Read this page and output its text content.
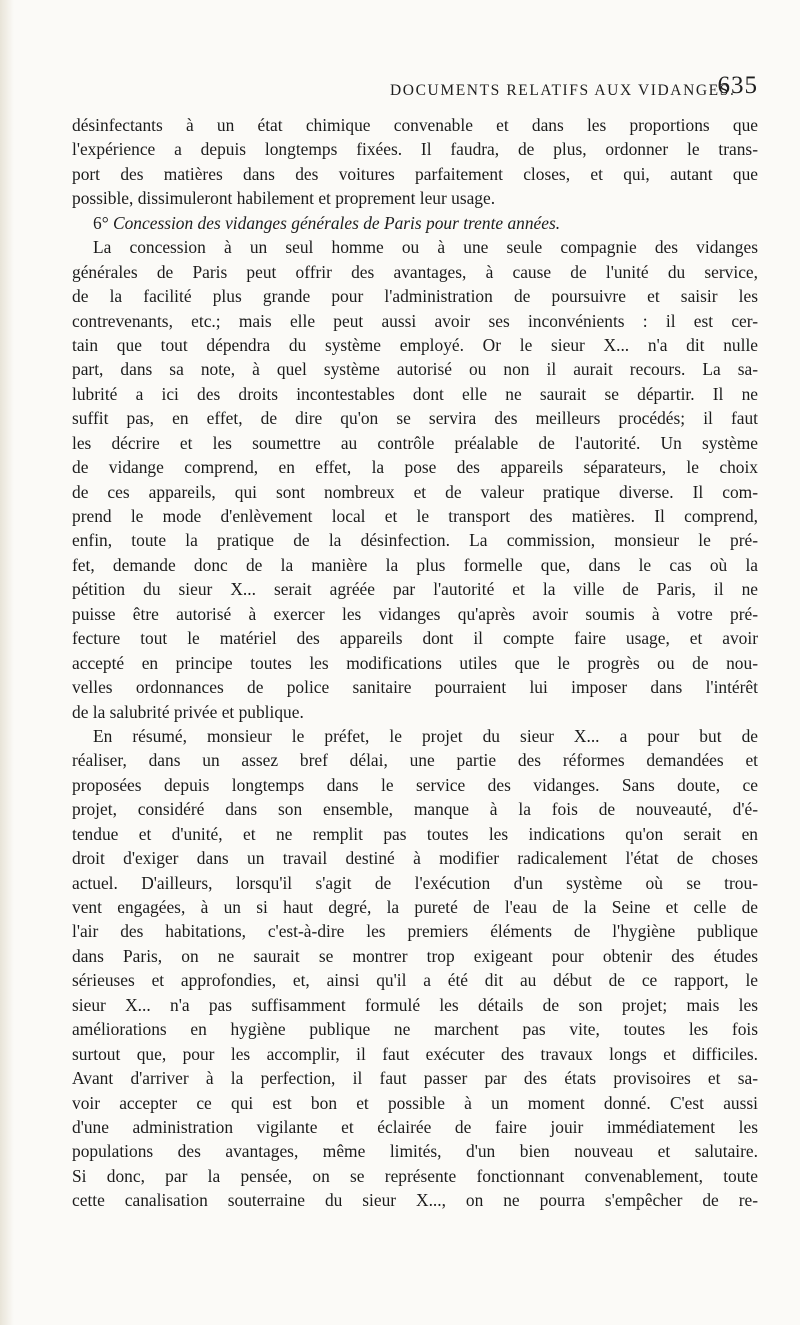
DOCUMENTS RELATIFS AUX VIDANGES.
635
désinfectants à un état chimique convenable et dans les proportions que
l'expérience a depuis longtemps fixées. Il faudra, de plus, ordonner le trans-
port des matières dans des voitures parfaitement closes, et qui, autant que
possible, dissimuleront habilement et proprement leur usage.
6° Concession des vidanges générales de Paris pour trente années.
La concession à un seul homme ou à une seule compagnie des vidanges
générales de Paris peut offrir des avantages, à cause de l'unité du service,
de la facilité plus grande pour l'administration de poursuivre et saisir les
contrevenants, etc.; mais elle peut aussi avoir ses inconvénients : il est cer-
tain que tout dépendra du système employé. Or le sieur X... n'a dit nulle
part, dans sa note, à quel système autorisé ou non il aurait recours. La sa-
lubrité a ici des droits incontestables dont elle ne saurait se départir. Il ne
suffit pas, en effet, de dire qu'on se servira des meilleurs procédés; il faut
les décrire et les soumettre au contrôle préalable de l'autorité. Un système
de vidange comprend, en effet, la pose des appareils séparateurs, le choix
de ces appareils, qui sont nombreux et de valeur pratique diverse. Il com-
prend le mode d'enlèvement local et le transport des matières. Il comprend,
enfin, toute la pratique de la désinfection. La commission, monsieur le pré-
fet, demande donc de la manière la plus formelle que, dans le cas où la
pétition du sieur X... serait agréée par l'autorité et la ville de Paris, il ne
puisse être autorisé à exercer les vidanges qu'après avoir soumis à votre pré-
fecture tout le matériel des appareils dont il compte faire usage, et avoir
accepté en principe toutes les modifications utiles que le progrès ou de nou-
velles ordonnances de police sanitaire pourraient lui imposer dans l'intérêt
de la salubrité privée et publique.
En résumé, monsieur le préfet, le projet du sieur X... a pour but de
réaliser, dans un assez bref délai, une partie des réformes demandées et
proposées depuis longtemps dans le service des vidanges. Sans doute, ce
projet, considéré dans son ensemble, manque à la fois de nouveauté, d'é-
tendue et d'unité, et ne remplit pas toutes les indications qu'on serait en
droit d'exiger dans un travail destiné à modifier radicalement l'état de choses
actuel. D'ailleurs, lorsqu'il s'agit de l'exécution d'un système où se trou-
vent engagées, à un si haut degré, la pureté de l'eau de la Seine et celle de
l'air des habitations, c'est-à-dire les premiers éléments de l'hygiène publique
dans Paris, on ne saurait se montrer trop exigeant pour obtenir des études
sérieuses et approfondies, et, ainsi qu'il a été dit au début de ce rapport, le
sieur X... n'a pas suffisamment formulé les détails de son projet; mais les
améliorations en hygiène publique ne marchent pas vite, toutes les fois
surtout que, pour les accomplir, il faut exécuter des travaux longs et difficiles.
Avant d'arriver à la perfection, il faut passer par des états provisoires et sa-
voir accepter ce qui est bon et possible à un moment donné. C'est aussi
d'une administration vigilante et éclairée de faire jouir immédiatement les
populations des avantages, même limités, d'un bien nouveau et salutaire.
Si donc, par la pensée, on se représente fonctionnant convenablement, toute
cette canalisation souterraine du sieur X..., on ne pourra s'empêcher de re-
